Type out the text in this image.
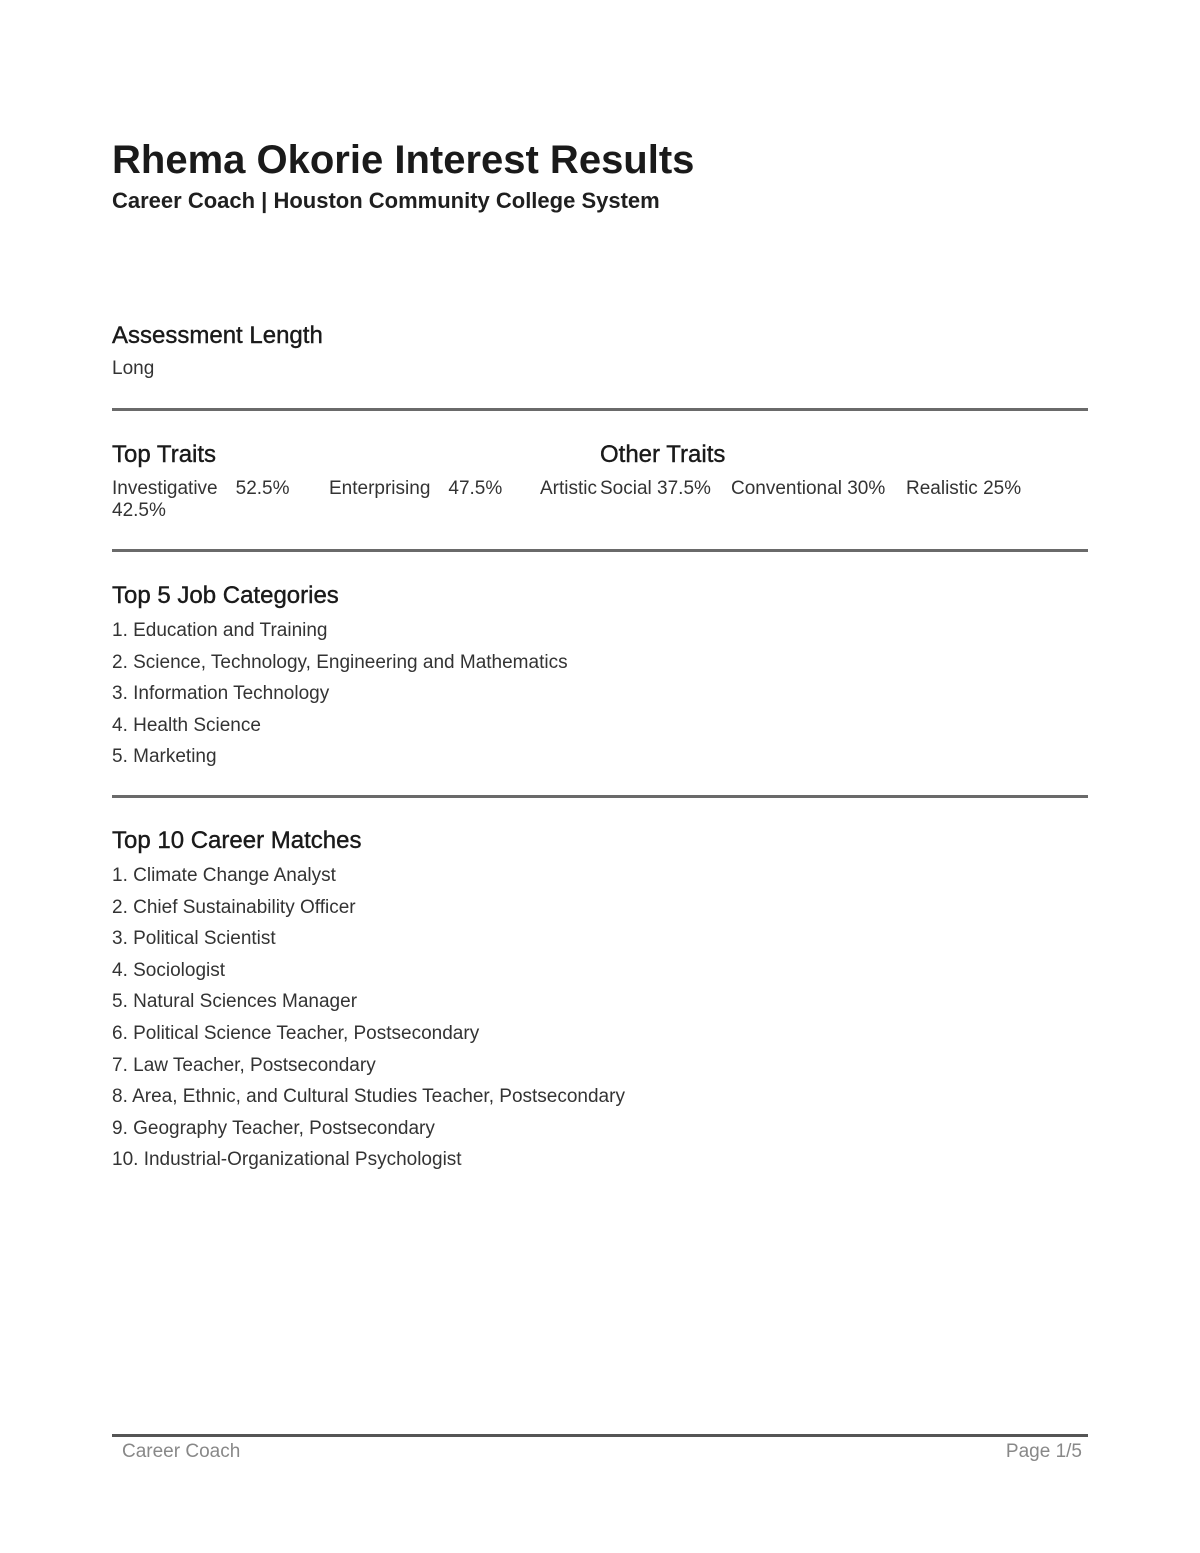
Rhema Okorie Interest Results
Career Coach | Houston Community College System
Assessment Length
Long
Top Traits	Other Traits
Investigative 52.5% Enterprising 47.5% Artistic
42.5%
Social 37.5% Conventional 30% Realistic 25%
Top 5 Job Categories
1. Education and Training
2. Science, Technology, Engineering and Mathematics
3. Information Technology
4. Health Science
5. Marketing
Top 10 Career Matches
1. Climate Change Analyst
2. Chief Sustainability Officer
3. Political Scientist
4. Sociologist
5. Natural Sciences Manager
6. Political Science Teacher, Postsecondary
7. Law Teacher, Postsecondary
8. Area, Ethnic, and Cultural Studies Teacher, Postsecondary
9. Geography Teacher, Postsecondary
10. Industrial-Organizational Psychologist
Career Coach	Page 1/5
